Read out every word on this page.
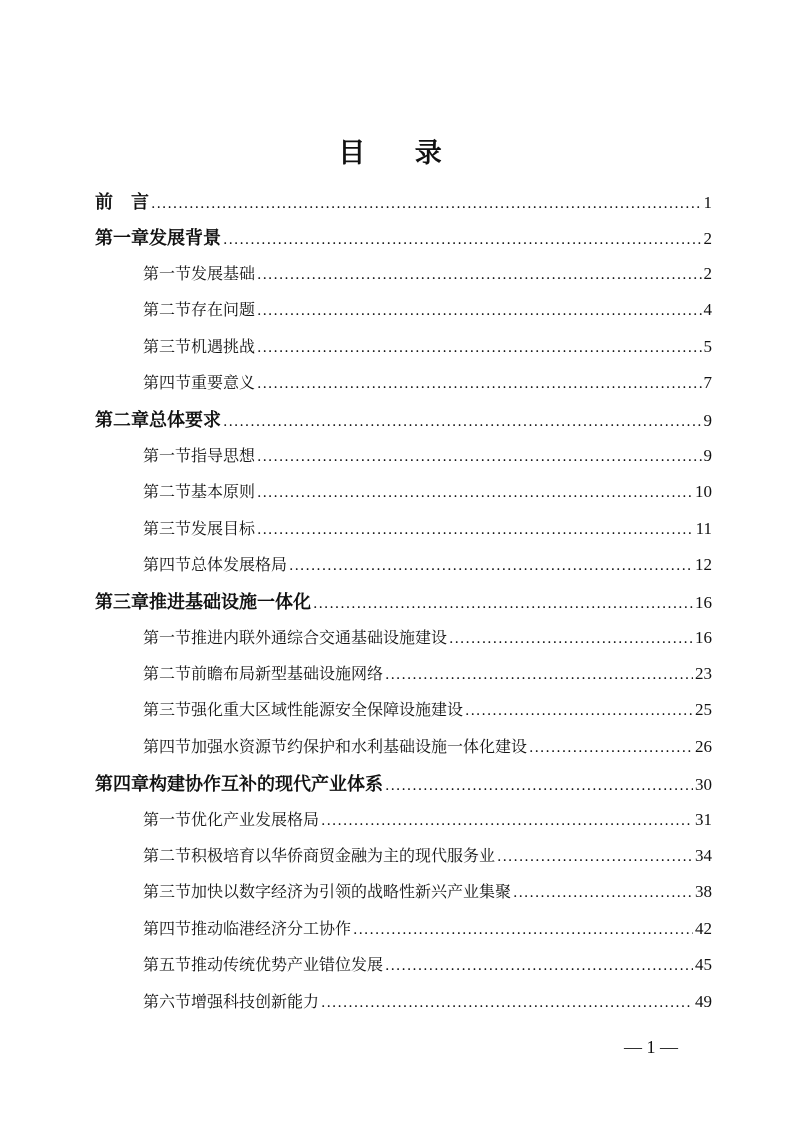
目 录
前　言 .....	1
第一章 发展背景 .....	2
第一节 发展基础 .....	2
第二节 存在问题 .....	4
第三节 机遇挑战 .....	5
第四节 重要意义 .....	7
第二章 总体要求 .....	9
第一节 指导思想 .....	9
第二节 基本原则 .....	10
第三节 发展目标 .....	11
第四节 总体发展格局 .....	12
第三章 推进基础设施一体化 .....	16
第一节 推进内联外通综合交通基础设施建设 .....	16
第二节 前瞻布局新型基础设施网络 .....	23
第三节 强化重大区域性能源安全保障设施建设 .....	25
第四节 加强水资源节约保护和水利基础设施一体化建设 .....	26
第四章 构建协作互补的现代产业体系 .....	30
第一节 优化产业发展格局 .....	31
第二节 积极培育以华侨商贸金融为主的现代服务业 .....	34
第三节 加快以数字经济为引领的战略性新兴产业集聚 .....	38
第四节 推动临港经济分工协作 .....	42
第五节 推动传统优势产业错位发展 .....	45
第六节 增强科技创新能力 .....	49
— 1 —
